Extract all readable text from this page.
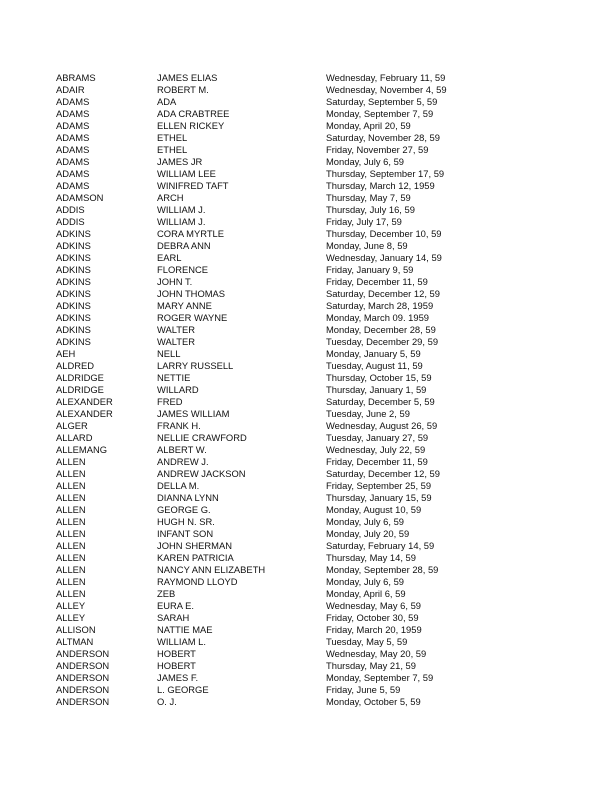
ABRAMS	JAMES ELIAS	Wednesday, February 11, 59
ADAIR	ROBERT M.	Wednesday, November 4, 59
ADAMS	ADA	Saturday, September 5, 59
ADAMS	ADA CRABTREE	Monday, September 7, 59
ADAMS	ELLEN RICKEY	Monday, April 20, 59
ADAMS	ETHEL	Saturday, November 28, 59
ADAMS	ETHEL	Friday, November 27, 59
ADAMS	JAMES JR	Monday, July 6, 59
ADAMS	WILLIAM LEE	Thursday, September 17, 59
ADAMS	WINIFRED TAFT	Thursday, March 12, 1959
ADAMSON	ARCH	Thursday, May 7, 59
ADDIS	WILLIAM J.	Thursday, July 16, 59
ADDIS	WILLIAM J.	Friday, July 17, 59
ADKINS	CORA MYRTLE	Thursday, December 10, 59
ADKINS	DEBRA ANN	Monday, June 8, 59
ADKINS	EARL	Wednesday, January 14, 59
ADKINS	FLORENCE	Friday, January 9, 59
ADKINS	JOHN T.	Friday, December 11, 59
ADKINS	JOHN THOMAS	Saturday, December 12, 59
ADKINS	MARY ANNE	Saturday, March 28, 1959
ADKINS	ROGER WAYNE	Monday, March 09. 1959
ADKINS	WALTER	Monday, December 28, 59
ADKINS	WALTER	Tuesday, December 29, 59
AEH	NELL	Monday, January 5, 59
ALDRED	LARRY RUSSELL	Tuesday, August 11, 59
ALDRIDGE	NETTIE	Thursday, October 15, 59
ALDRIDGE	WILLARD	Thursday, January 1, 59
ALEXANDER	FRED	Saturday, December 5, 59
ALEXANDER	JAMES WILLIAM	Tuesday, June 2, 59
ALGER	FRANK H.	Wednesday, August 26, 59
ALLARD	NELLIE CRAWFORD	Tuesday, January 27, 59
ALLEMANG	ALBERT W.	Wednesday, July 22, 59
ALLEN	ANDREW J.	Friday, December 11, 59
ALLEN	ANDREW JACKSON	Saturday, December 12, 59
ALLEN	DELLA M.	Friday, September 25, 59
ALLEN	DIANNA LYNN	Thursday, January 15, 59
ALLEN	GEORGE G.	Monday, August 10, 59
ALLEN	HUGH N. SR.	Monday, July 6, 59
ALLEN	INFANT SON	Monday, July 20, 59
ALLEN	JOHN SHERMAN	Saturday, February 14, 59
ALLEN	KAREN PATRICIA	Thursday, May 14, 59
ALLEN	NANCY ANN ELIZABETH	Monday, September 28, 59
ALLEN	RAYMOND LLOYD	Monday, July 6, 59
ALLEN	ZEB	Monday, April 6, 59
ALLEY	EURA E.	Wednesday, May 6, 59
ALLEY	SARAH	Friday, October 30, 59
ALLISON	NATTIE MAE	Friday, March 20, 1959
ALTMAN	WILLIAM L.	Tuesday, May 5, 59
ANDERSON	HOBERT	Wednesday, May 20, 59
ANDERSON	HOBERT	Thursday, May 21, 59
ANDERSON	JAMES F.	Monday, September 7, 59
ANDERSON	L. GEORGE	Friday, June 5, 59
ANDERSON	O. J.	Monday, October 5, 59
